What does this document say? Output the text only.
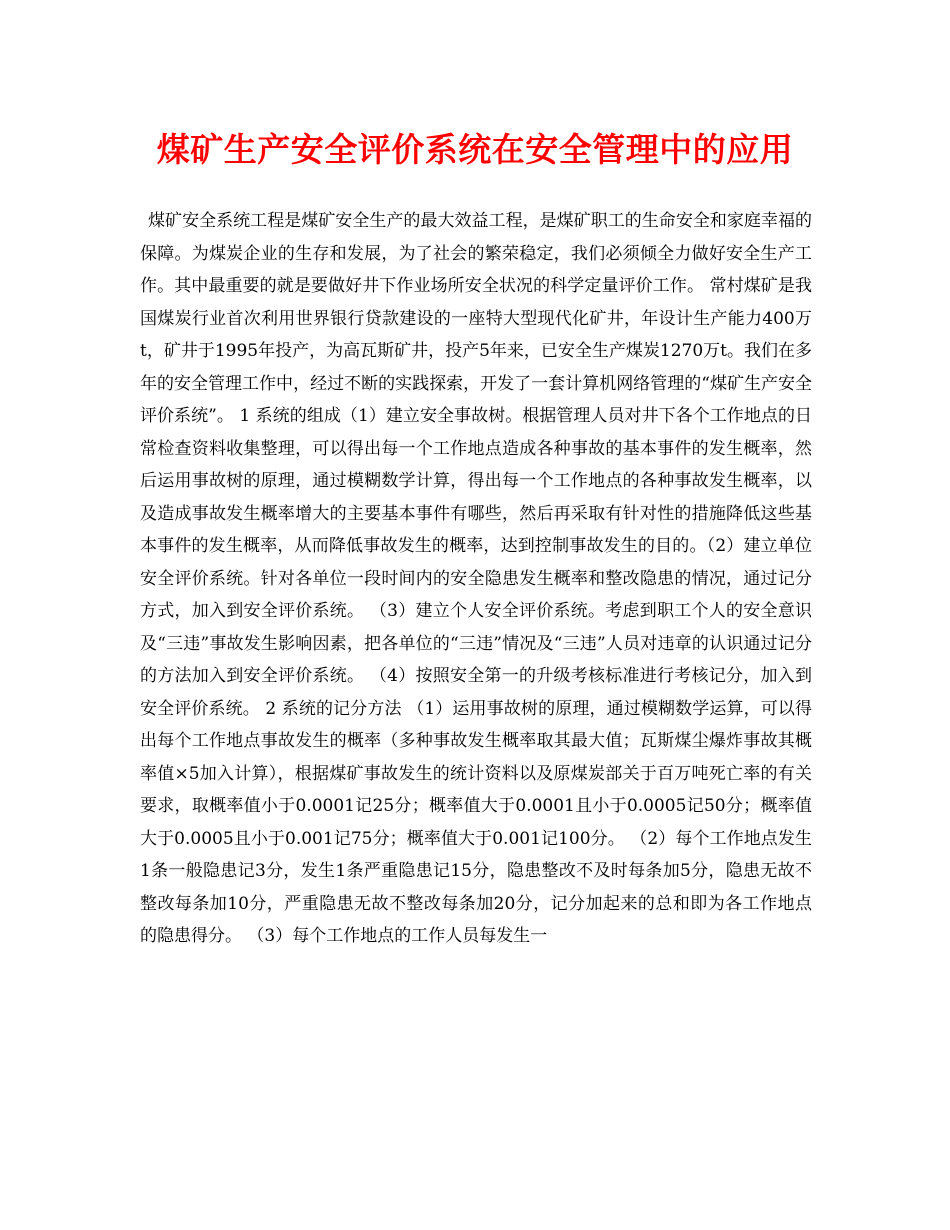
煤矿生产安全评价系统在安全管理中的应用

煤矿安全系统工程是煤矿安全生产的最大效益工程，是煤矿职工的生命安全和家庭幸福的保障。为煤炭企业的生存和发展，为了社会的繁荣稳定，我们必须倾全力做好安全生产工作。其中最重要的就是要做好井下作业场所安全状况的科学定量评价工作。 常村煤矿是我国煤炭行业首次利用世界银行贷款建设的一座特大型现代化矿井，年设计生产能力400万t，矿井于1995年投产，为高瓦斯矿井，投产5年来，已安全生产煤炭1270万t。我们在多年的安全管理工作中，经过不断的实践探索，开发了一套计算机网络管理的“煤矿生产安全评价系统”。 1 系统的组成（1）建立安全事故树。根据管理人员对井下各个工作地点的日常检查资料收集整理，可以得出每一个工作地点造成各种事故的基本事件的发生概率，然后运用事故树的原理，通过模糊数学计算，得出每一个工作地点的各种事故发生概率，以及造成事故发生概率增大的主要基本事件有哪些，然后再采取有针对性的措施降低这些基本事件的发生概率，从而降低事故发生的概率，达到控制事故发生的目的。（2）建立单位安全评价系统。针对各单位一段时间内的安全隐患发生概率和整改隐患的情况，通过记分方式，加入到安全评价系统。 （3）建立个人安全评价系统。考虑到职工个人的安全意识及“三违”事故发生影响因素，把各单位的“三违”情况及“三违”人员对违章的认识通过记分的方法加入到安全评价系统。 （4）按照安全第一的升级考核标准进行考核记分，加入到安全评价系统。 2 系统的记分方法 （1）运用事故树的原理，通过模糊数学运算，可以得出每个工作地点事故发生的概率（多种事故发生概率取其最大值；瓦斯煤尘爆炸事故其概率值×5加入计算），根据煤矿事故发生的统计资料以及原煤炭部关于百万吨死亡率的有关要求，取概率值小于0.0001记25分；概率值大于0.0001且小于0.0005记50分；概率值大于0.0005且小于0.001记75分；概率值大于0.001记100分。 （2）每个工作地点发生1条一般隐患记3分，发生1条严重隐患记15分，隐患整改不及时每条加5分，隐患无故不整改每条加10分，严重隐患无故不整改每条加20分，记分加起来的总和即为各工作地点的隐患得分。 （3）每个工作地点的工作人员每发生一
